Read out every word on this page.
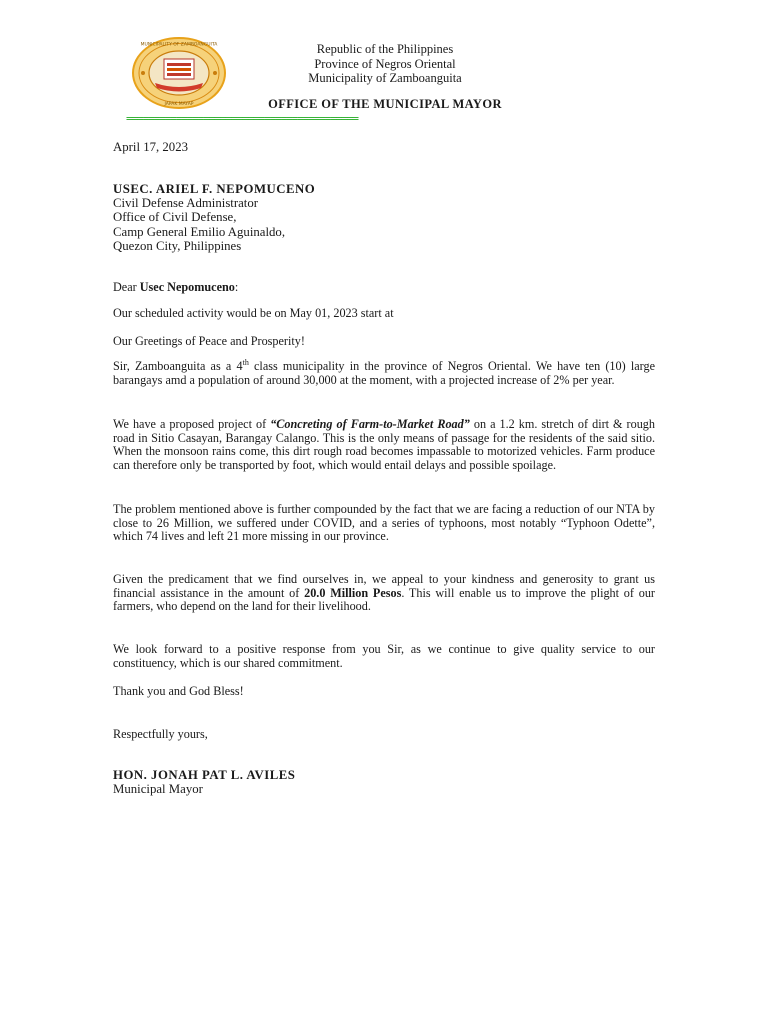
MUNICIPALITY OF ZAMBOANGUITA
JAPAK MAYAP
Republic of the Philippines
Province of Negros Oriental
Municipality of Zamboanguita
OFFICE OF THE MUNICIPAL MAYOR
==========================================
April 17, 2023
USEC. ARIEL F. NEPOMUCENO
Civil Defense Administrator
Office of Civil Defense,
Camp General Emilio Aguinaldo,
Quezon City, Philippines
Dear Usec Nepomuceno:
Our scheduled activity would be on May 01, 2023 start at
Our Greetings of Peace and Prosperity!
Sir, Zamboanguita as a 4th class municipality in the province of Negros Oriental. We have ten (10) large barangays amd a population of around 30,000 at the moment, with a projected increase of 2% per year.
We have a proposed project of “Concreting of Farm-to-Market Road” on a 1.2 km. stretch of dirt & rough road in Sitio Casayan, Barangay Calango. This is the only means of passage for the residents of the said sitio. When the monsoon rains come, this dirt rough road becomes impassable to motorized vehicles. Farm produce can therefore only be transported by foot, which would entail delays and possible spoilage.
The problem mentioned above is further compounded by the fact that we are facing a reduction of our NTA by close to 26 Million, we suffered under COVID, and a series of typhoons, most notably “Typhoon Odette”, which 74 lives and left 21 more missing in our province.
Given the predicament that we find ourselves in, we appeal to your kindness and generosity to grant us financial assistance in the amount of 20.0 Million Pesos. This will enable us to improve the plight of our farmers, who depend on the land for their livelihood.
We look forward to a positive response from you Sir, as we continue to give quality service to our constituency, which is our shared commitment.
Thank you and God Bless!
Respectfully yours,
HON. JONAH PAT L. AVILES
Municipal Mayor
